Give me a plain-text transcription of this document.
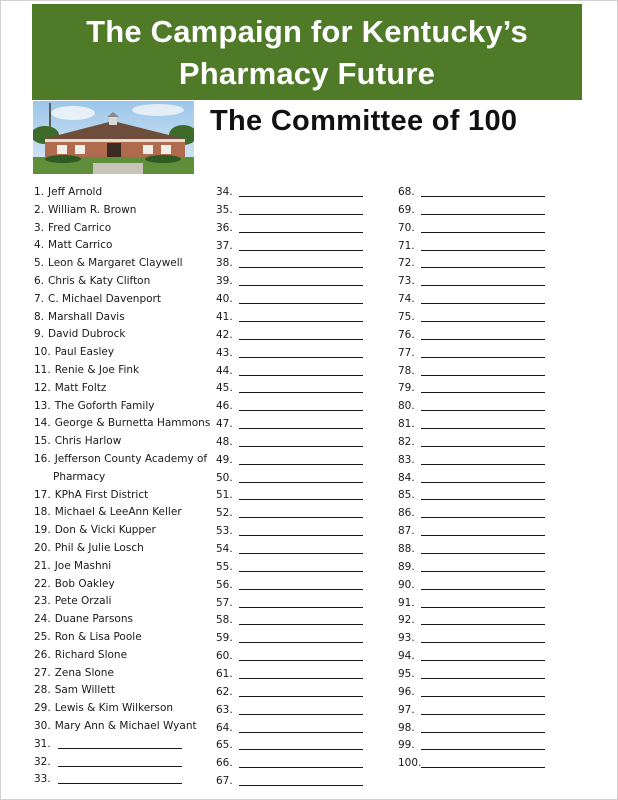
The Campaign for Kentucky’s
Pharmacy Future
The Committee of 100
1. Jeff Arnold
2. William R. Brown
3. Fred Carrico
4. Matt Carrico
5. Leon & Margaret Claywell
6. Chris & Katy Clifton
7. C. Michael Davenport
8. Marshall Davis
9. David Dubrock
10. Paul Easley
11. Renie & Joe Fink
12. Matt Foltz
13. The Goforth Family
14. George & Burnetta Hammons
15. Chris Harlow
16. Jefferson County Academy of
Pharmacy
17. KPhA First District
18. Michael & LeeAnn Keller
19. Don & Vicki Kupper
20. Phil & Julie Losch
21. Joe Mashni
22. Bob Oakley
23. Pete Orzali
24. Duane Parsons
25. Ron & Lisa Poole
26. Richard Slone
27. Zena Slone
28. Sam Willett
29. Lewis & Kim Wilkerson
30. Mary Ann & Michael Wyant
31.
32.
33.
34.
35.
36.
37.
38.
39.
40.
41.
42.
43.
44.
45.
46.
47.
48.
49.
50.
51.
52.
53.
54.
55.
56.
57.
58.
59.
60.
61.
62.
63.
64.
65.
66.
67.
68.
69.
70.
71.
72.
73.
74.
75.
76.
77.
78.
79.
80.
81.
82.
83.
84.
85.
86.
87.
88.
89.
90.
91.
92.
93.
94.
95.
96.
97.
98.
99.
100.
